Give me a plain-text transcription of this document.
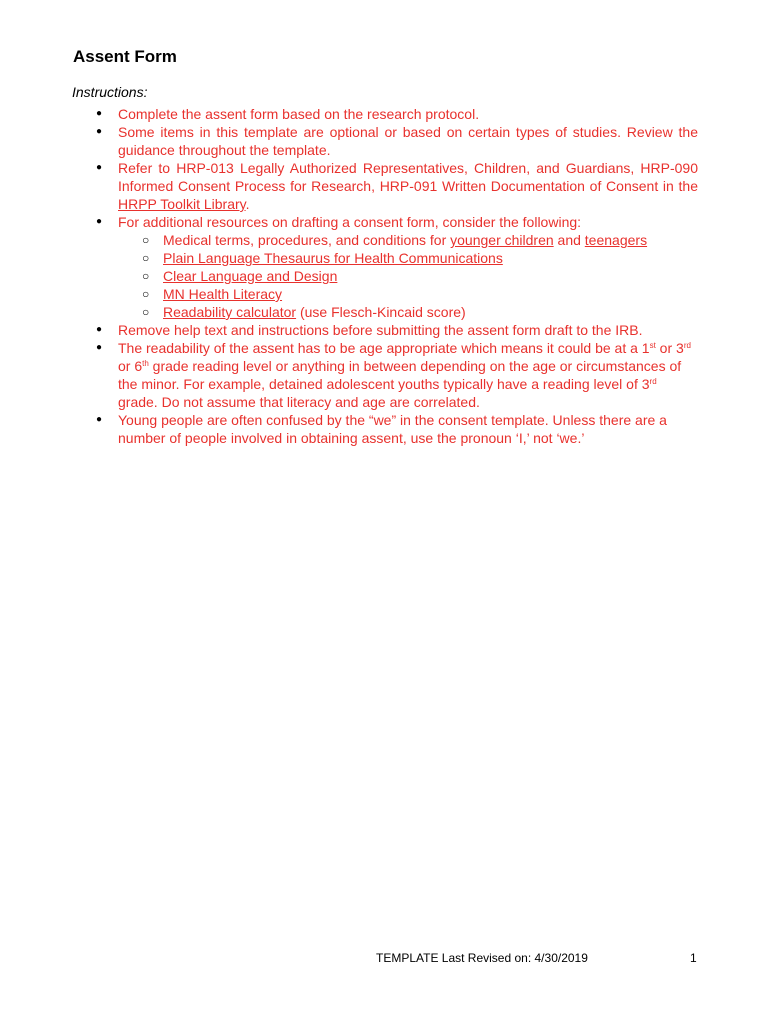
Assent Form
Instructions:
● Complete the assent form based on the research protocol.
● Some items in this template are optional or based on certain types of studies. Review the guidance throughout the template.
● Refer to HRP-013 Legally Authorized Representatives, Children, and Guardians, HRP-090 Informed Consent Process for Research, HRP-091 Written Documentation of Consent in the HRPP Toolkit Library.
● For additional resources on drafting a consent form, consider the following:
○ Medical terms, procedures, and conditions for younger children and teenagers
○ Plain Language Thesaurus for Health Communications
○ Clear Language and Design
○ MN Health Literacy
○ Readability calculator (use Flesch-Kincaid score)
● Remove help text and instructions before submitting the assent form draft to the IRB.
● The readability of the assent has to be age appropriate which means it could be at a 1st or 3rd or 6th grade reading level or anything in between depending on the age or circumstances of the minor. For example, detained adolescent youths typically have a reading level of 3rd grade. Do not assume that literacy and age are correlated.
● Young people are often confused by the “we” in the consent template. Unless there are a number of people involved in obtaining assent, use the pronoun ‘I,’ not ‘we.’
TEMPLATE Last Revised on: 4/30/2019	1
